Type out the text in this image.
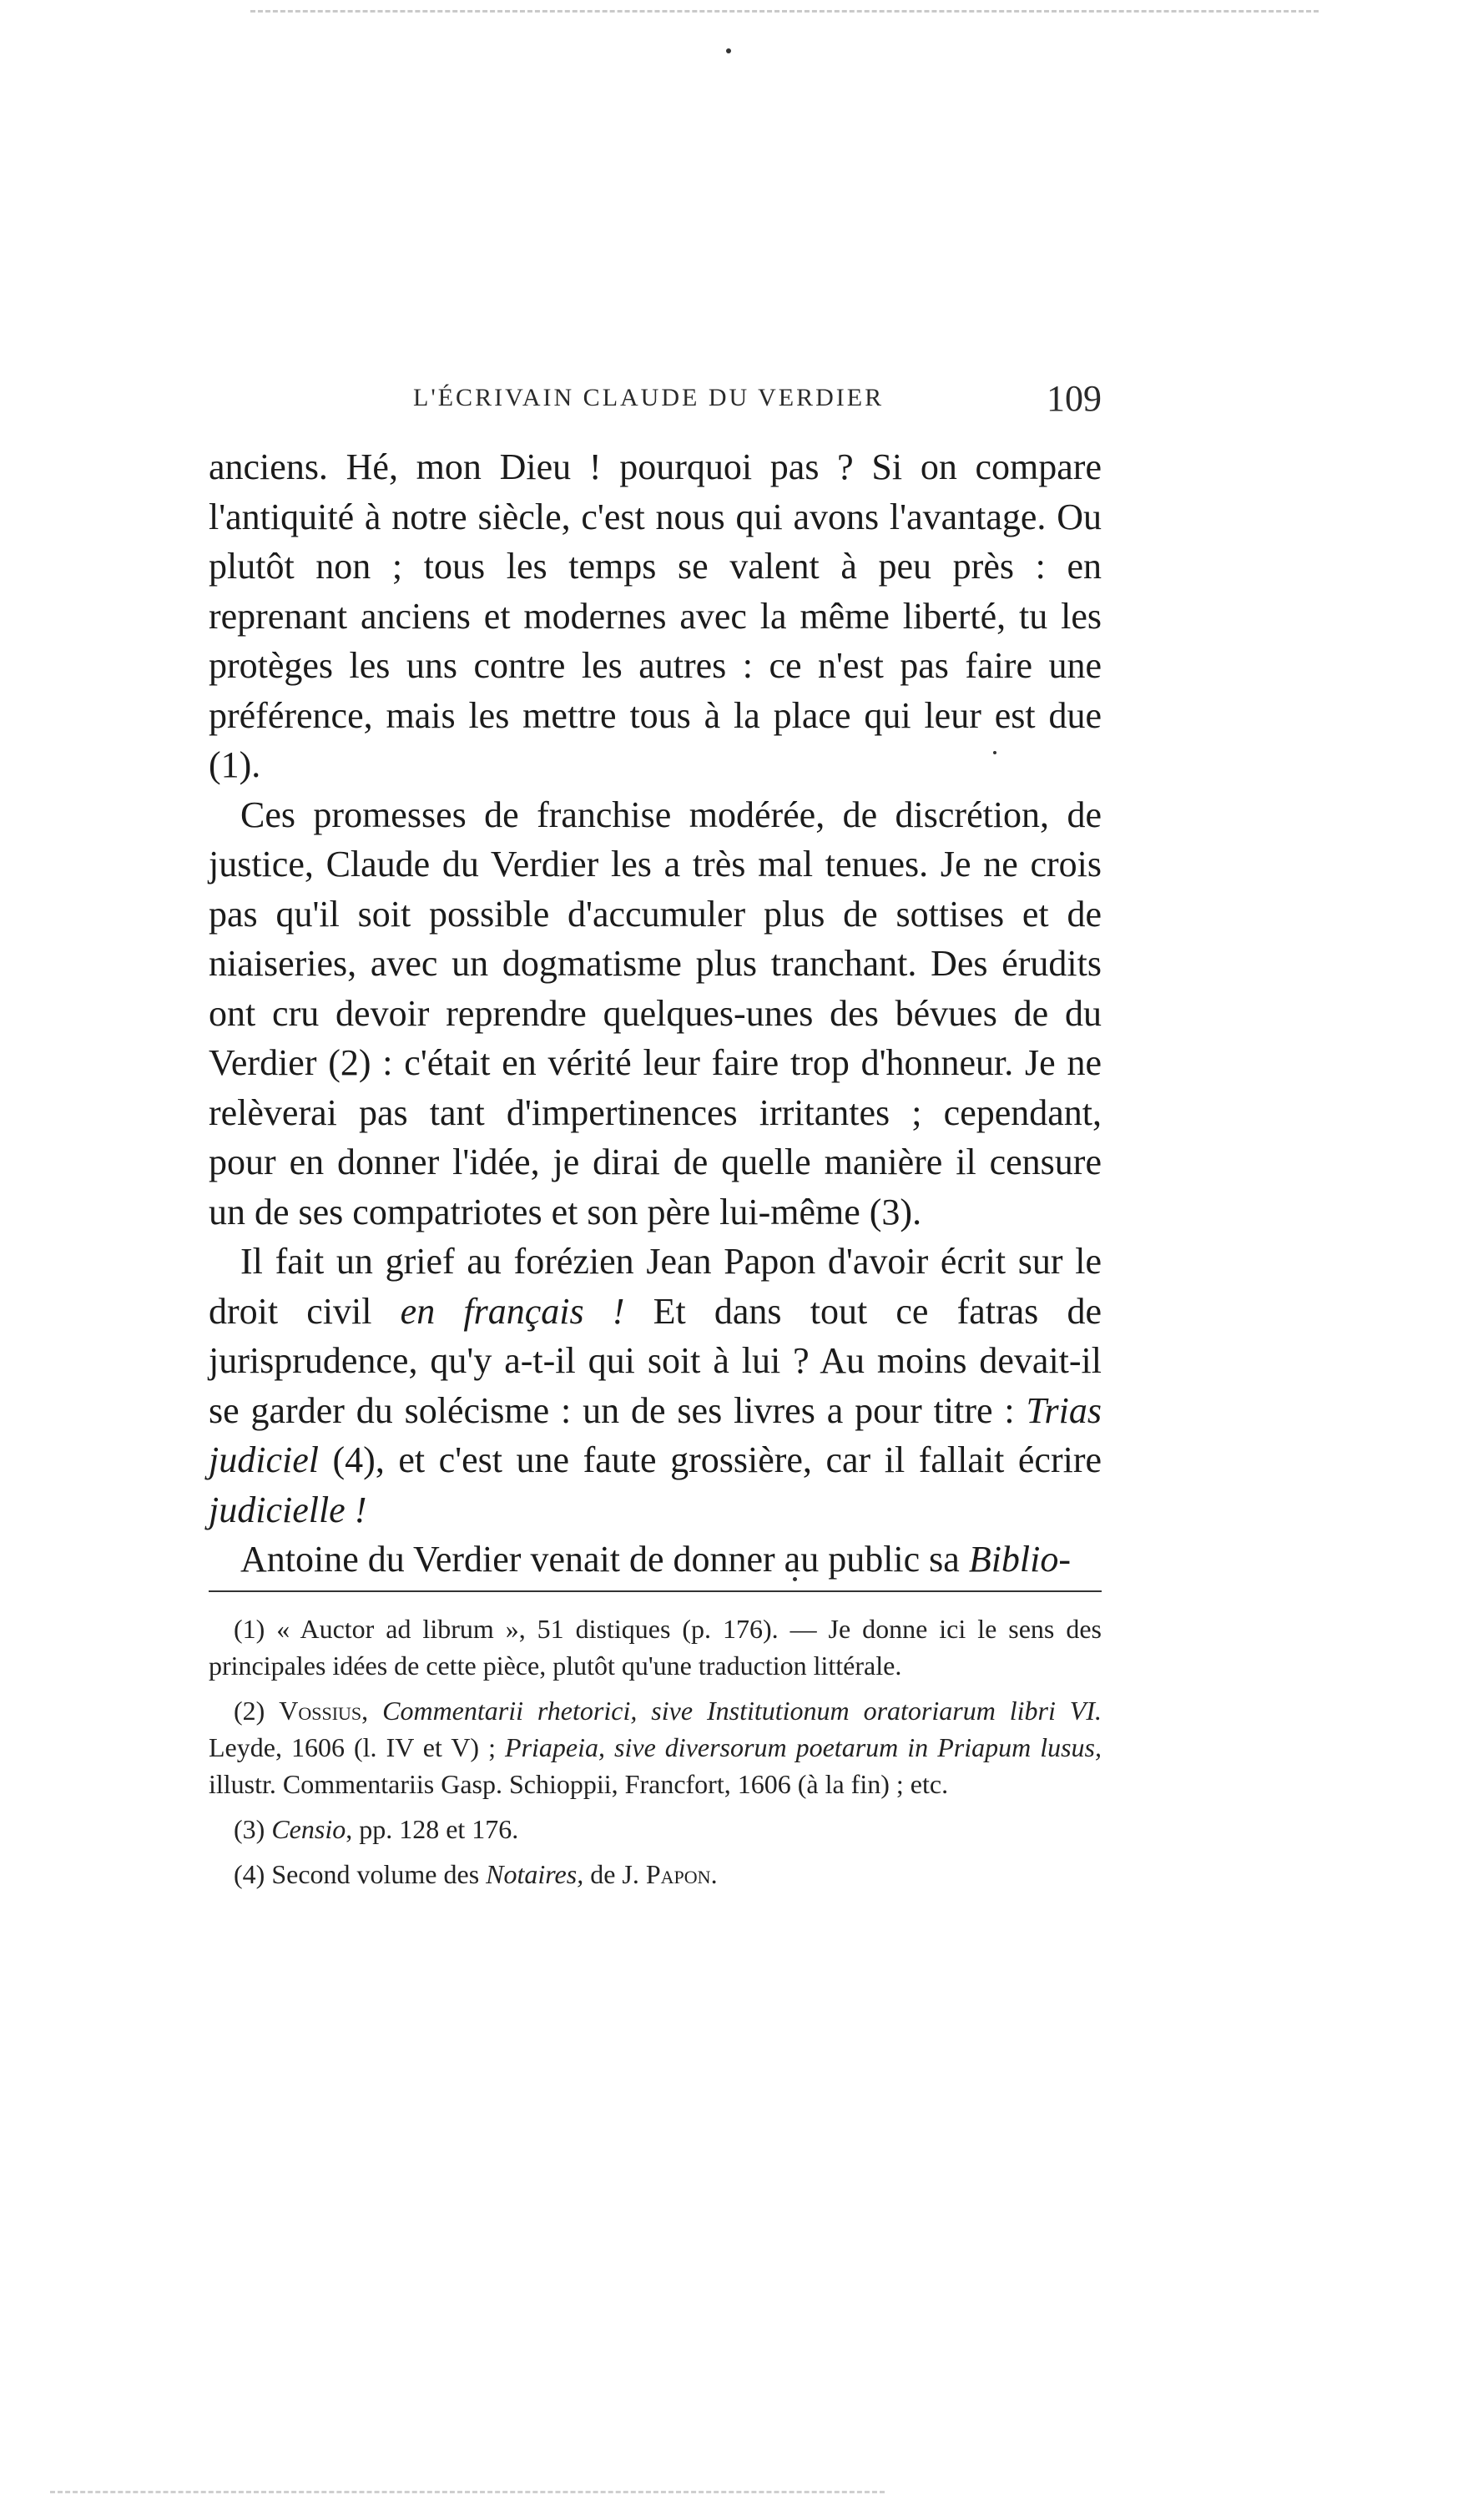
L'ÉCRIVAIN CLAUDE DU VERDIER	109

anciens. Hé, mon Dieu ! pourquoi pas ? Si on compare l'antiquité à notre siècle, c'est nous qui avons l'avantage. Ou plutôt non ; tous les temps se valent à peu près : en reprenant anciens et modernes avec la même liberté, tu les protèges les uns contre les autres : ce n'est pas faire une préférence, mais les mettre tous à la place qui leur est due (1).

Ces promesses de franchise modérée, de discrétion, de justice, Claude du Verdier les a très mal tenues. Je ne crois pas qu'il soit possible d'accumuler plus de sottises et de niaiseries, avec un dogmatisme plus tranchant. Des érudits ont cru devoir reprendre quelques-unes des bévues de du Verdier (2) : c'était en vérité leur faire trop d'honneur. Je ne relèverai pas tant d'impertinences irritantes ; cependant, pour en donner l'idée, je dirai de quelle manière il censure un de ses compatriotes et son père lui-même (3).

Il fait un grief au forézien Jean Papon d'avoir écrit sur le droit civil en français ! Et dans tout ce fatras de jurisprudence, qu'y a-t-il qui soit à lui ? Au moins devait-il se garder du solécisme : un de ses livres a pour titre : Trias judiciel (4), et c'est une faute grossière, car il fallait écrire judicielle !

Antoine du Verdier venait de donner au public sa Biblio-

(1) « Auctor ad librum », 51 distiques (p. 176). — Je donne ici le sens des principales idées de cette pièce, plutôt qu'une traduction littérale.

(2) Vossius, Commentarii rhetorici, sive Institutionum oratoriarum libri VI. Leyde, 1606 (l. IV et V) ; Priapeia, sive diversorum poetarum in Priapum lusus, illustr. Commentariis Gasp. Schioppii, Francfort, 1606 (à la fin) ; etc.

(3) Censio, pp. 128 et 176.

(4) Second volume des Notaires, de J. Papon.
